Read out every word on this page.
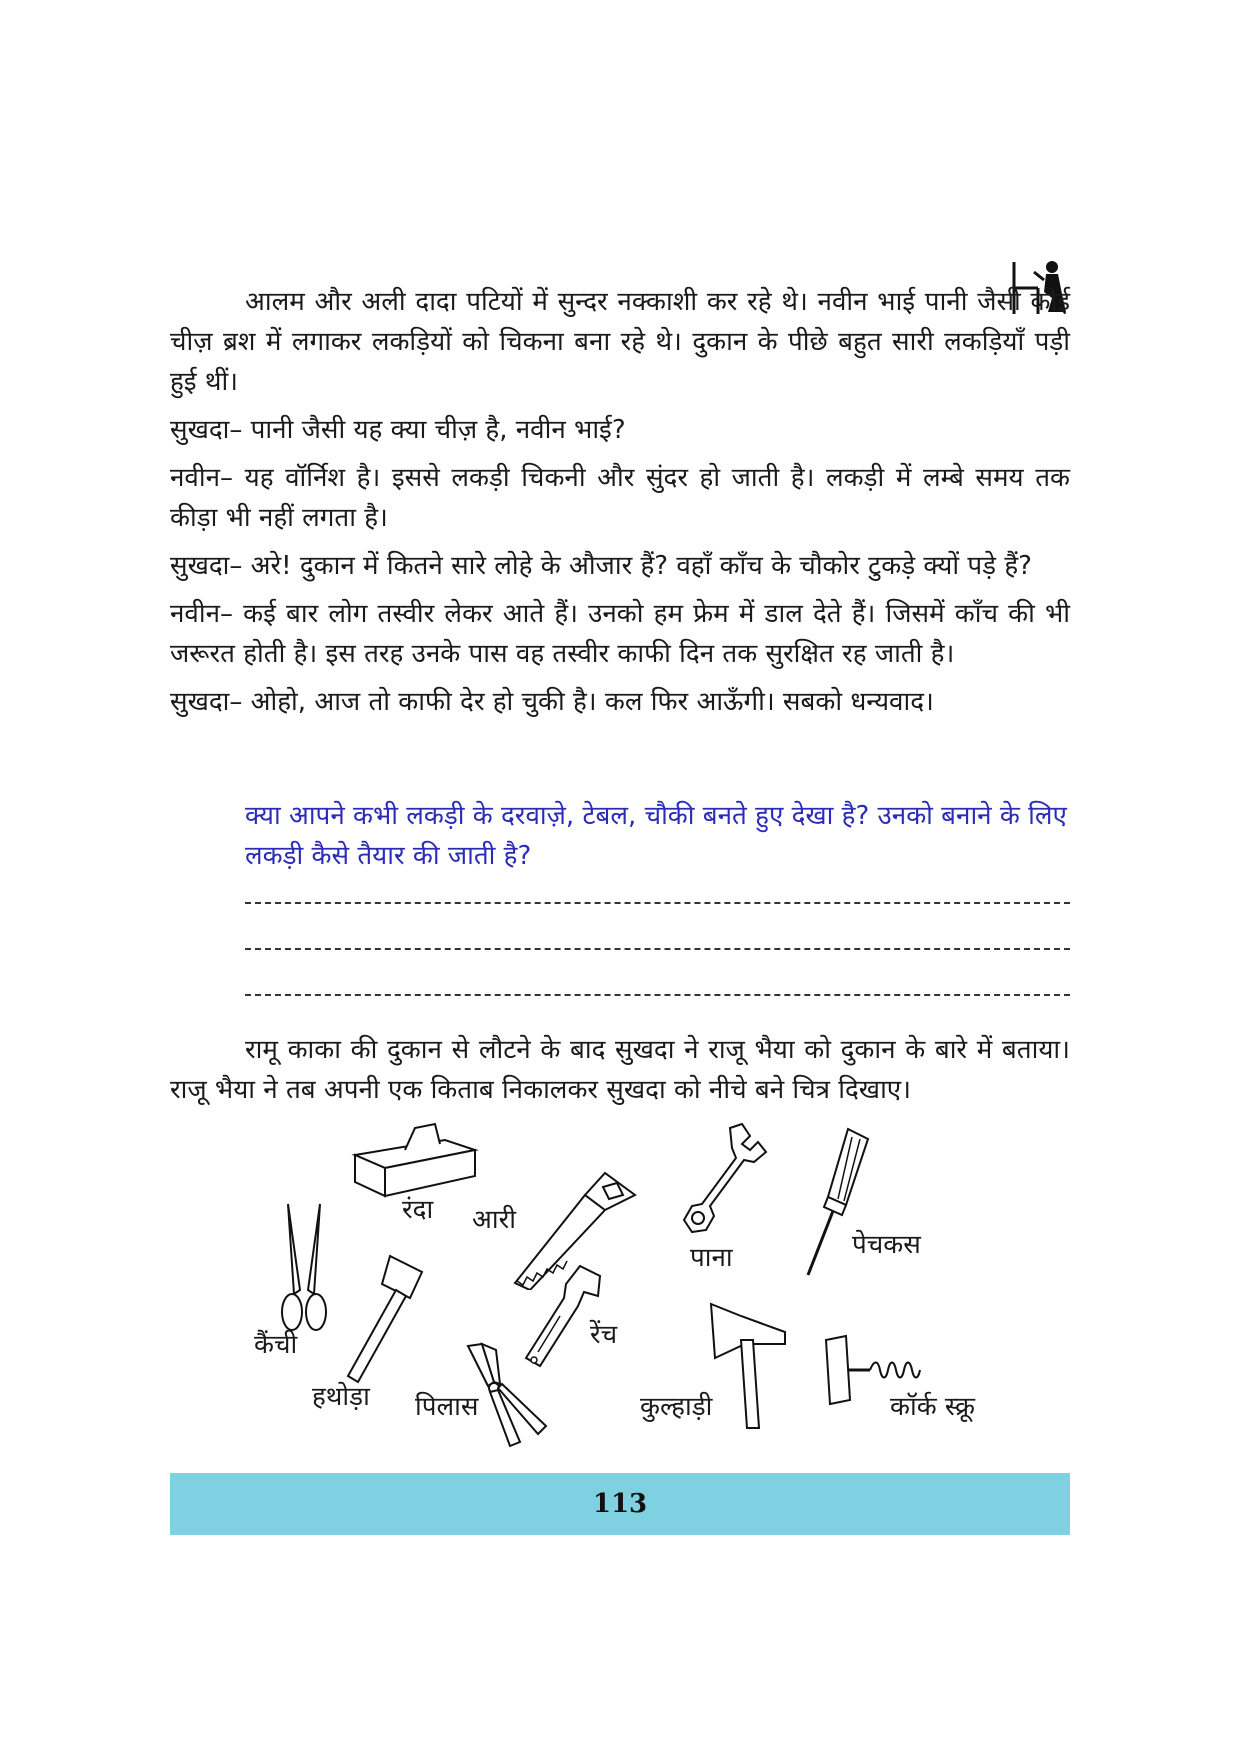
आलम और अली दादा पटियों में सुन्दर नक्काशी कर रहे थे। नवीन भाई पानी जैसी कोई चीज़ ब्रश में लगाकर लकड़ियों को चिकना बना रहे थे। दुकान के पीछे बहुत सारी लकड़ियाँ पड़ी हुई थीं।

सुखदा– पानी जैसी यह क्या चीज़ है, नवीन भाई?

नवीन– यह वॉर्निश है। इससे लकड़ी चिकनी और सुंदर हो जाती है। लकड़ी में लम्बे समय तक कीड़ा भी नहीं लगता है।

सुखदा– अरे! दुकान में कितने सारे लोहे के औजार हैं? वहाँ काँच के चौकोर टुकड़े क्यों पड़े हैं?

नवीन– कई बार लोग तस्वीर लेकर आते हैं। उनको हम फ्रेम में डाल देते हैं। जिसमें काँच की भी जरूरत होती है। इस तरह उनके पास वह तस्वीर काफी दिन तक सुरक्षित रह जाती है।

सुखदा– ओहो, आज तो काफी देर हो चुकी है। कल फिर आऊँगी। सबको धन्यवाद।

क्या आपने कभी लकड़ी के दरवाज़े, टेबल, चौकी बनते हुए देखा है? उनको बनाने के लिए लकड़ी कैसे तैयार की जाती है?

रामू काका की दुकान से लौटने के बाद सुखदा ने राजू भैया को दुकान के बारे में बताया। राजू भैया ने तब अपनी एक किताब निकालकर सुखदा को नीचे बने चित्र दिखाए।

रंदा आरी
पाना	पेचकस
कैंची
हथोड़ा पिलास
रेंच
कुल्हाड़ी	कॉर्क स्क्रू
113
